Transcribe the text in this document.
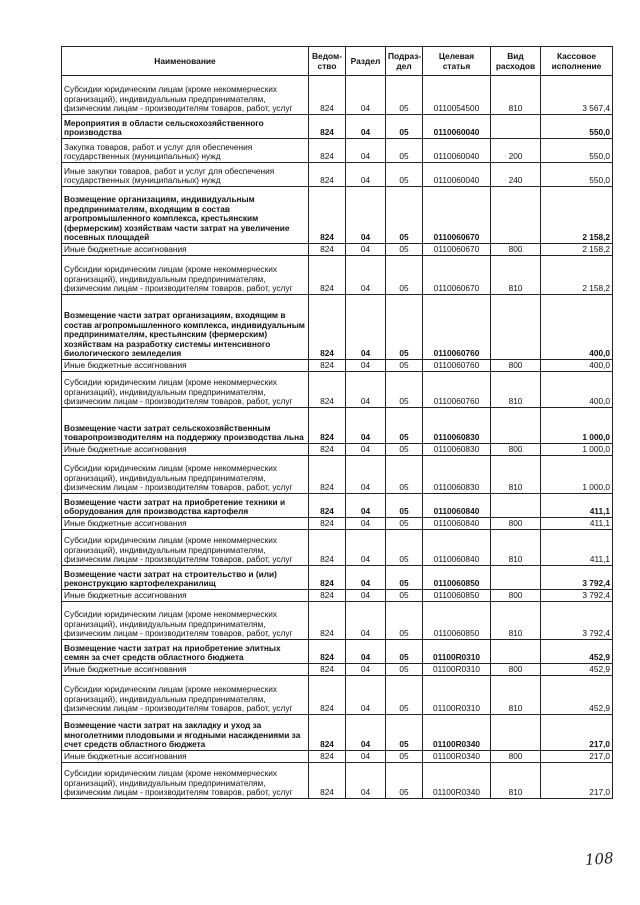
Наименование	Ведом-ство	Раздел	Подраз-дел	Целевая статья	Вид расходов	Кассовое исполнение
Субсидии юридическим лицам (кроме некоммерческих организаций), индивидуальным предпринимателям, физическим лицам - производителям товаров, работ, услуг	824	04	05	0110054500	810	3 567,4
Мероприятия в области сельскохозяйственного производства	824	04	05	0110060040		550,0
Закупка товаров, работ и услуг для обеспечения государственных (муниципальных) нужд	824	04	05	0110060040	200	550,0
Иные закупки товаров, работ и услуг для обеспечения государственных (муниципальных) нужд	824	04	05	0110060040	240	550,0
Возмещение организациям, индивидуальным предпринимателям, входящим в состав агропромышленного комплекса, крестьянским (фермерским) хозяйствам части затрат на увеличение посевных площадей	824	04	05	0110060670		2 158,2
Иные бюджетные ассигнования	824	04	05	0110060670	800	2 158,2
Субсидии юридическим лицам (кроме некоммерческих организаций), индивидуальным предпринимателям, физическим лицам - производителям товаров, работ, услуг	824	04	05	0110060670	810	2 158,2
Возмещение части затрат организациям, входящим в состав агропромышленного комплекса, индивидуальным предпринимателям, крестьянским (фермерским) хозяйствам на разработку системы интенсивного биологического земледелия	824	04	05	0110060760		400,0
Иные бюджетные ассигнования	824	04	05	0110060760	800	400,0
Субсидии юридическим лицам (кроме некоммерческих организаций), индивидуальным предпринимателям, физическим лицам - производителям товаров, работ, услуг	824	04	05	0110060760	810	400,0
Возмещение части затрат сельскохозяйственным товаропроизводителям на поддержку производства льна	824	04	05	0110060830		1 000,0
Иные бюджетные ассигнования	824	04	05	0110060830	800	1 000,0
Субсидии юридическим лицам (кроме некоммерческих организаций), индивидуальным предпринимателям, физическим лицам - производителям товаров, работ, услуг	824	04	05	0110060830	810	1 000,0
Возмещение части затрат на приобретение техники и оборудования для производства картофеля	824	04	05	0110060840		411,1
Иные бюджетные ассигнования	824	04	05	0110060840	800	411,1
Субсидии юридическим лицам (кроме некоммерческих организаций), индивидуальным предпринимателям, физическим лицам - производителям товаров, работ, услуг	824	04	05	0110060840	810	411,1
Возмещение части затрат на строительство и (или) реконструкцию картофелехранилищ	824	04	05	0110060850		3 792,4
Иные бюджетные ассигнования	824	04	05	0110060850	800	3 792,4
Субсидии юридическим лицам (кроме некоммерческих организаций), индивидуальным предпринимателям, физическим лицам - производителям товаров, работ, услуг	824	04	05	0110060850	810	3 792,4
Возмещение части затрат на приобретение элитных семян за счет средств областного бюджета	824	04	05	01100R0310		452,9
Иные бюджетные ассигнования	824	04	05	01100R0310	800	452,9
Субсидии юридическим лицам (кроме некоммерческих организаций), индивидуальным предпринимателям, физическим лицам - производителям товаров, работ, услуг	824	04	05	01100R0310	810	452,9
Возмещение части затрат на закладку и уход за многолетними плодовыми и ягодными насаждениями за счет средств областного бюджета	824	04	05	01100R0340		217,0
Иные бюджетные ассигнования	824	04	05	01100R0340	800	217,0
Субсидии юридическим лицам (кроме некоммерческих организаций), индивидуальным предпринимателям, физическим лицам - производителям товаров, работ, услуг	824	04	05	01100R0340	810	217,0
108
